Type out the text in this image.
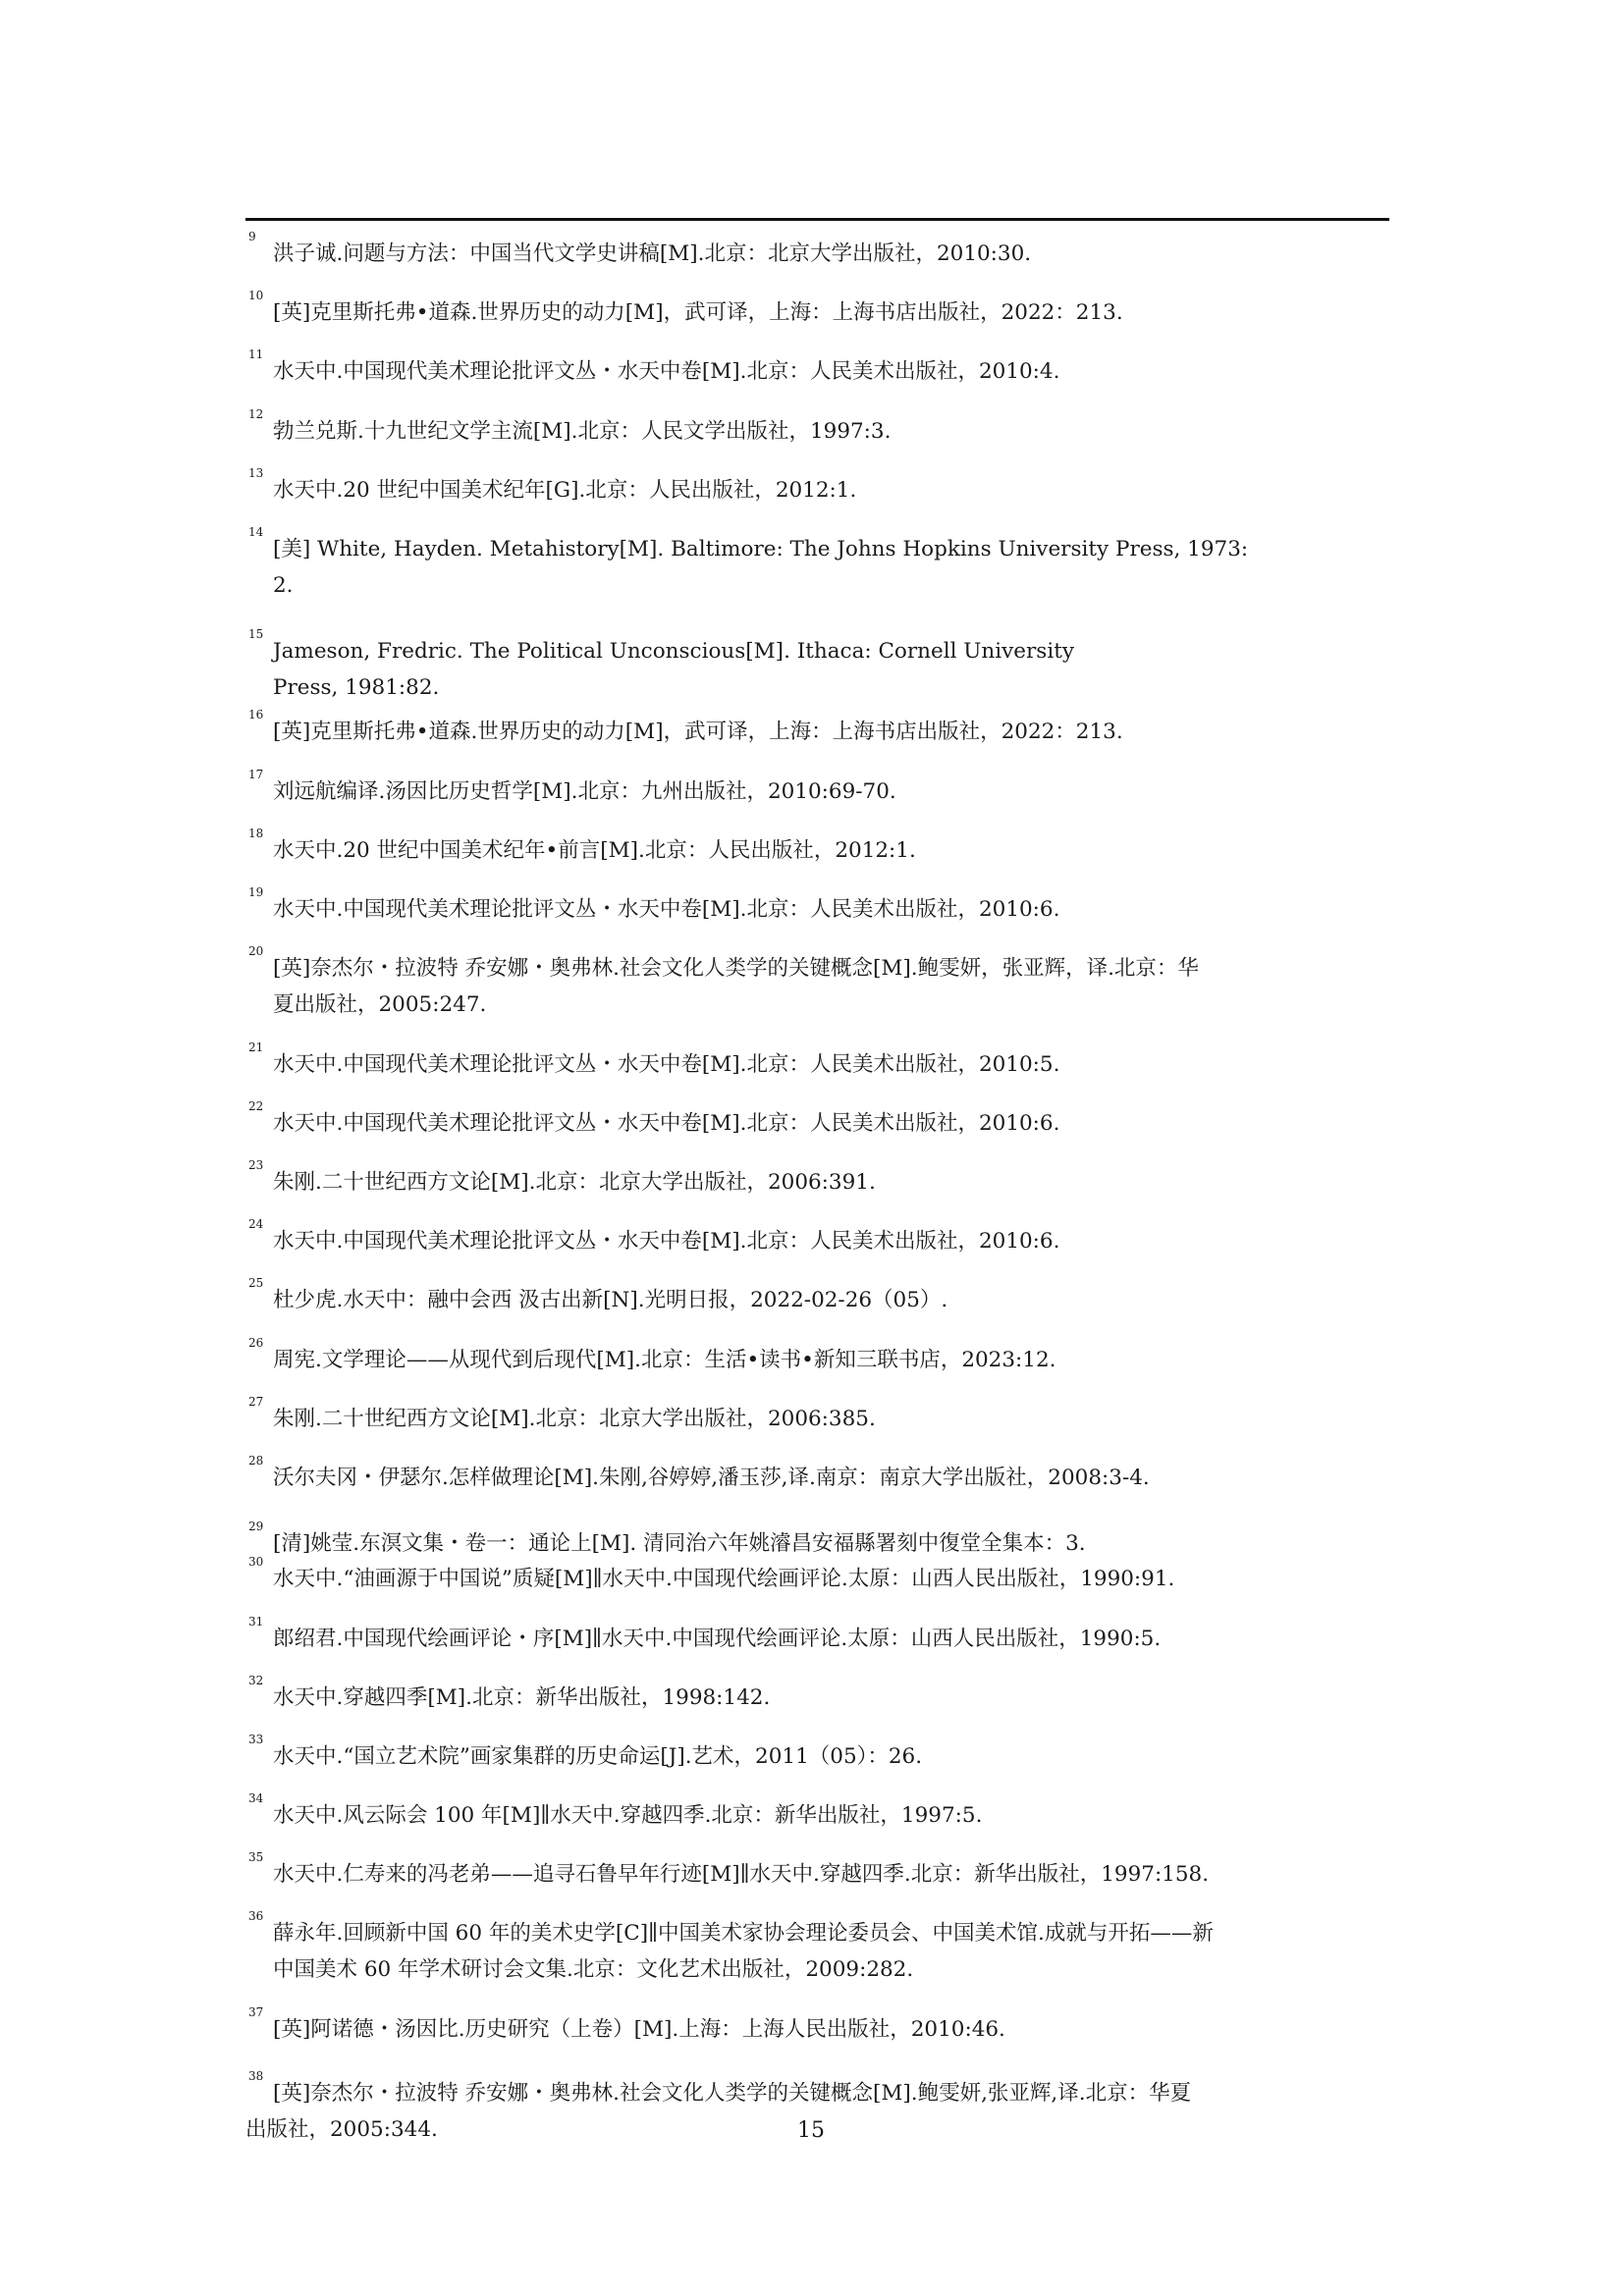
9
洪子诚.问题与方法：中国当代文学史讲稿[M].北京：北京大学出版社，2010:30.
10
[英]克里斯托弗•道森.世界历史的动力[M]，武可译，上海：上海书店出版社，2022：213.
11
水天中.中国现代美术理论批评文丛・水天中卷[M].北京：人民美术出版社，2010:4.
12
勃兰兑斯.十九世纪文学主流[M].北京：人民文学出版社，1997:3.
13
水天中.20 世纪中国美术纪年[G].北京：人民出版社，2012:1.
14
[美] White, Hayden. Metahistory[M]. Baltimore: The Johns Hopkins University Press, 1973:
2.
15
Jameson, Fredric. The Political Unconscious[M]. Ithaca: Cornell University
Press, 1981:82.
16
[英]克里斯托弗•道森.世界历史的动力[M]，武可译，上海：上海书店出版社，2022：213.
17
刘远航编译.汤因比历史哲学[M].北京：九州出版社，2010:69-70.
18
水天中.20 世纪中国美术纪年•前言[M].北京：人民出版社，2012:1.
19
水天中.中国现代美术理论批评文丛・水天中卷[M].北京：人民美术出版社，2010:6.
20
[英]奈杰尔・拉波特 乔安娜・奥弗林.社会文化人类学的关键概念[M].鲍雯妍，张亚辉，译.北京：华
夏出版社，2005:247.
21
水天中.中国现代美术理论批评文丛・水天中卷[M].北京：人民美术出版社，2010:5.
22
水天中.中国现代美术理论批评文丛・水天中卷[M].北京：人民美术出版社，2010:6.
23
朱刚.二十世纪西方文论[M].北京：北京大学出版社，2006:391.
24
水天中.中国现代美术理论批评文丛・水天中卷[M].北京：人民美术出版社，2010:6.
25
杜少虎.水天中：融中会西 汲古出新[N].光明日报，2022-02-26（05）.
26
周宪.文学理论——从现代到后现代[M].北京：生活•读书•新知三联书店，2023:12.
27
朱刚.二十世纪西方文论[M].北京：北京大学出版社，2006:385.
28
沃尔夫冈・伊瑟尔.怎样做理论[M].朱刚,谷婷婷,潘玉莎,译.南京：南京大学出版社，2008:3-4.
29
[清]姚莹.东溟文集・卷一：通论上[M]. 清同治六年姚濬昌安福縣署刻中復堂全集本：3.
30
水天中.“油画源于中国说”质疑[M]∥水天中.中国现代绘画评论.太原：山西人民出版社，1990:91.
31
郎绍君.中国现代绘画评论・序[M]∥水天中.中国现代绘画评论.太原：山西人民出版社，1990:5.
32
水天中.穿越四季[M].北京：新华出版社，1998:142.
33
水天中.“国立艺术院”画家集群的历史命运[J].艺术，2011（05）：26.
34
水天中.风云际会 100 年[M]∥水天中.穿越四季.北京：新华出版社，1997:5.
35
水天中.仁寿来的冯老弟——追寻石鲁早年行迹[M]∥水天中.穿越四季.北京：新华出版社，1997:158.
36
薛永年.回顾新中国 60 年的美术史学[C]∥中国美术家协会理论委员会、中国美术馆.成就与开拓——新
中国美术 60 年学术研讨会文集.北京：文化艺术出版社，2009:282.
37
[英]阿诺德・汤因比.历史研究（上卷）[M].上海：上海人民出版社，2010:46.
38
[英]奈杰尔・拉波特 乔安娜・奥弗林.社会文化人类学的关键概念[M].鲍雯妍,张亚辉,译.北京：华夏
出版社，2005:344.	15
